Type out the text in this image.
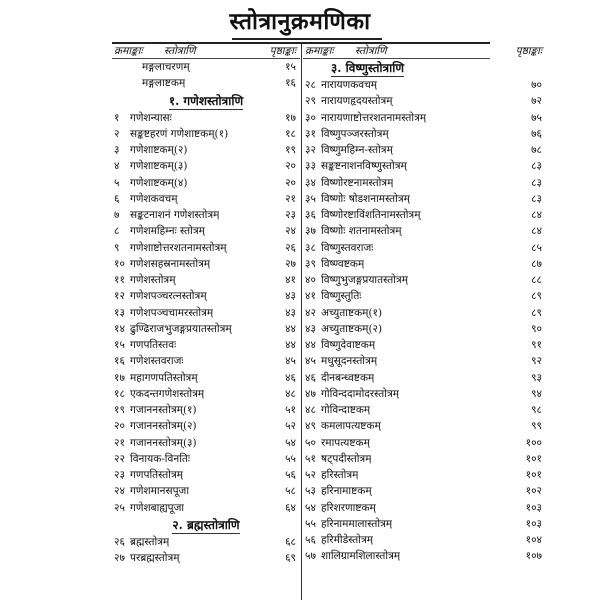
स्तोत्रानुक्रमणिका
क्रमाङ्काः स्तोत्राणि	पृष्ठाङ्काः
मङ्गलाचरणम्	१५
मङ्गलाष्टकम्	१६
१. गणेशस्तोत्राणि
१ गणेशन्यासः	१७
२ सङ्कष्टहरणं गणेशाष्टकम्(१)	१८
३ गणेशाष्टकम्(२)	१९
४ गणेशाष्टकम्(३)	२०
५ गणेशाष्टकम्(४)	२०
६ गणेशकवचम्	२१
७ सङ्कटनाशनं गणेशस्तोत्रम्	२३
८ गणेशमहिम्नः स्तोत्रम्	२४
९ गणेशाष्टोत्तरशतनामस्तोत्रम्	२६
१० गणेशसहस्रनामस्तोत्रम्	२७
११ गणेशस्तोत्रम्	४१
१२ गणेशपञ्चरत्नस्तोत्रम्	४३
१३ गणेशपञ्चचामरस्तोत्रम्	४३
१४ ढुण्ढिराजभुजङ्गप्रयातस्तोत्रम्	४४
१५ गणपतिस्तवः	४४
१६ गणेशस्तवराजः	४५
१७ महागणपतिस्तोत्रम्	४६
१८ एकदन्तगणेशस्तोत्रम्	४८
१९ गजाननस्तोत्रम्(१)	५१
२० गजाननस्तोत्रम्(२)	५२
२१ गजाननस्तोत्रम्(३)	५४
२२ विनायक-विनतिः	५५
२३ गणपतिस्तोत्रम्	५६
२४ गणेशमानसपूजा	५८
२५ गणेशबाह्यपूजा	६४
२. ब्रह्मस्तोत्राणि
२६ ब्रह्मस्तोत्रम्	६८
२७ परब्रह्मस्तोत्रम्	६९
क्रमाङ्काः स्तोत्राणि	पृष्ठाङ्काः
३. विष्णुस्तोत्राणि
२८ नारायणकवचम्	७०
२९ नारायणहृदयस्तोत्रम्	७२
३० नारायणाष्टोत्तरशतनामस्तोत्रम्	७५
३१ विष्णुपञ्जरस्तोत्रम्	७६
३२ विष्णुमहिम्न-स्तोत्रम्	७८
३३ सङ्कष्टनाशनविष्णुस्तोत्रम्	८३
३४ विष्णोरष्टनामस्तोत्रम्	८३
३५ विष्णोः षोडशनामस्तोत्रम्	८३
३६ विष्णोरष्टाविंशतिनामस्तोत्रम्	८४
३७ विष्णोः शतनामस्तोत्रम्	८४
३८ विष्णुस्तवराजः	८५
३९ विष्ण्वष्टकम्	८७
४० विष्णुभुजङ्गप्रयातस्तोत्रम्	८८
४१ विष्णुस्तुतिः	८९
४२ अच्युताष्टकम्(१)	८९
४३ अच्युताष्टकम्(२)	९०
४४ विष्णुदेवाष्टकम्	९१
४५ मधुसूदनस्तोत्रम्	९२
४६ दीनबन्ध्वष्टकम्	९३
४७ गोविन्ददामोदरस्तोत्रम्	९४
४८ गोविन्दाष्टकम्	९८
४९ कमलापत्यष्टकम्	९९
५० रमापत्यष्टकम्	१००
५१ षट्पदीस्तोत्रम्	१०१
५२ हरिस्तोत्रम्	१०१
५३ हरिनामाष्टकम्	१०२
५४ हरिशरणाष्टकम्	१०३
५५ हरिनाममालास्तोत्रम्	१०३
५६ हरिमीडेस्तोत्रम्	१०४
५७ शालिग्रामशिलास्तोत्रम्	१०७
